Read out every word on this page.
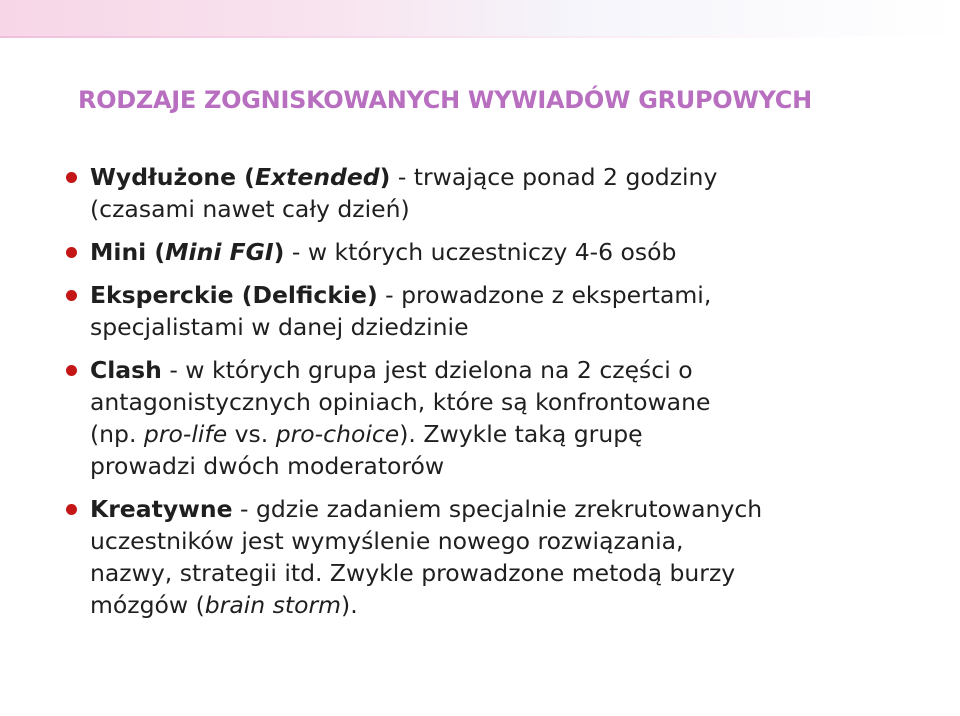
RODZAJE ZOGNISKOWANYCH WYWIADÓW GRUPOWYCH
Wydłużone (Extended) - trwające ponad 2 godziny
(czasami nawet cały dzień)
Mini (Mini FGI) - w których uczestniczy 4-6 osób
Eksperckie (Delfickie) - prowadzone z ekspertami,
specjalistami w danej dziedzinie
Clash - w których grupa jest dzielona na 2 części o
antagonistycznych opiniach, które są konfrontowane
(np. pro-life vs. pro-choice). Zwykle taką grupę
prowadzi dwóch moderatorów
Kreatywne - gdzie zadaniem specjalnie zrekrutowanych
uczestników jest wymyślenie nowego rozwiązania,
nazwy, strategii itd. Zwykle prowadzone metodą burzy
mózgów (brain storm).
